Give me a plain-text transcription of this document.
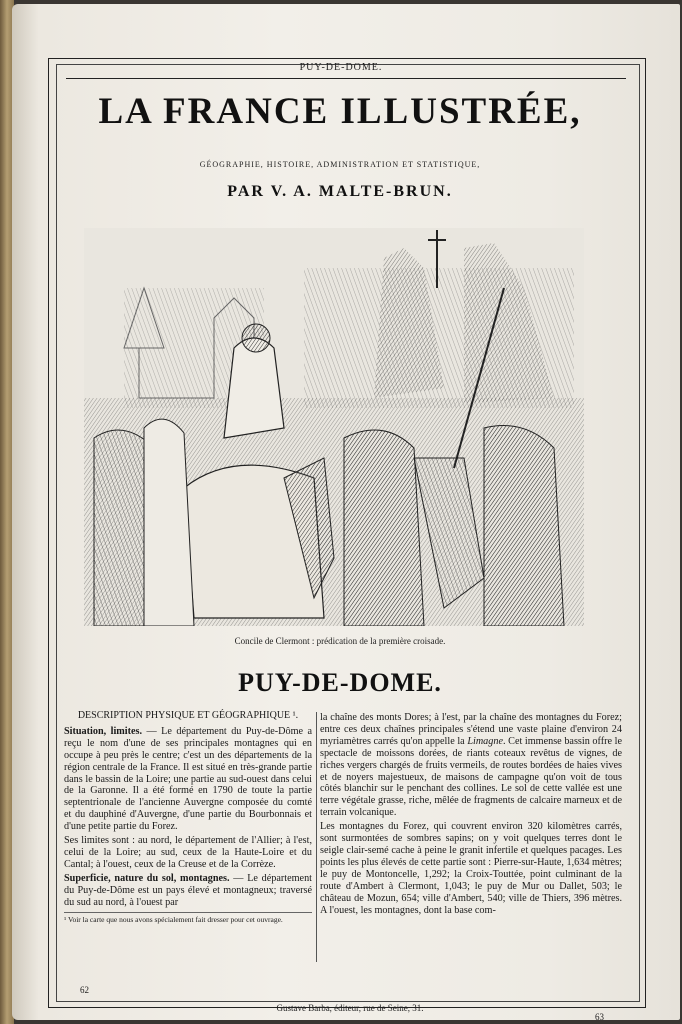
PUY-DE-DOME.
LA FRANCE ILLUSTRÉE,
GÉOGRAPHIE, HISTOIRE, ADMINISTRATION ET STATISTIQUE,
PAR V. A. MALTE-BRUN.
Concile de Clermont : prédication de la première croisade.
PUY-DE-DOME.
DESCRIPTION PHYSIQUE ET GÉOGRAPHIQUE ¹.

Situation, limites. — Le département du Puy-de-Dôme a reçu le nom d'une de ses principales montagnes qui en occupe à peu près le centre; c'est un des départements de la région centrale de la France. Il est situé en très-grande partie dans le bassin de la Loire; une partie au sud-ouest dans celui de la Garonne. Il a été formé en 1790 de toute la partie septentrionale de l'ancienne Auvergne composée du comté et du dauphiné d'Auvergne, d'une partie du Bourbonnais et d'une petite partie du Forez.

Ses limites sont : au nord, le département de l'Allier; à l'est, celui de la Loire; au sud, ceux de la Haute-Loire et du Cantal; à l'ouest, ceux de la Creuse et de la Corrèze.

Superficie, nature du sol, montagnes. — Le département du Puy-de-Dôme est un pays élevé et montagneux; traversé du sud au nord, à l'ouest par

¹ Voir la carte que nous avons spécialement fait dresser pour cet ouvrage.

la chaîne des monts Dores; à l'est, par la chaîne des montagnes du Forez; entre ces deux chaînes principales s'étend une vaste plaine d'environ 24 myriamètres carrés qu'on appelle la Limagne. Cet immense bassin offre le spectacle de moissons dorées, de riants coteaux revêtus de vignes, de riches vergers chargés de fruits vermeils, de routes bordées de haies vives et de noyers majestueux, de maisons de campagne qu'on voit de tous côtés blanchir sur le penchant des collines. Le sol de cette vallée est une terre végétale grasse, riche, mêlée de fragments de calcaire marneux et de terrain volcanique.

Les montagnes du Forez, qui couvrent environ 320 kilomètres carrés, sont surmontées de sombres sapins; on y voit quelques terres dont le seigle clair-semé cache à peine le granit infertile et quelques pacages. Les points les plus élevés de cette partie sont : Pierre-sur-Haute, 1,634 mètres; le puy de Montoncelle, 1,292; la Croix-Touttée, point culminant de la route d'Ambert à Clermont, 1,043; le puy de Mur ou Dallet, 503; le château de Mozun, 654; ville d'Ambert, 540; ville de Thiers, 396 mètres. A l'ouest, les montagnes, dont la base com-

62
Gustave Barba, éditeur, rue de Seine, 31.
63
